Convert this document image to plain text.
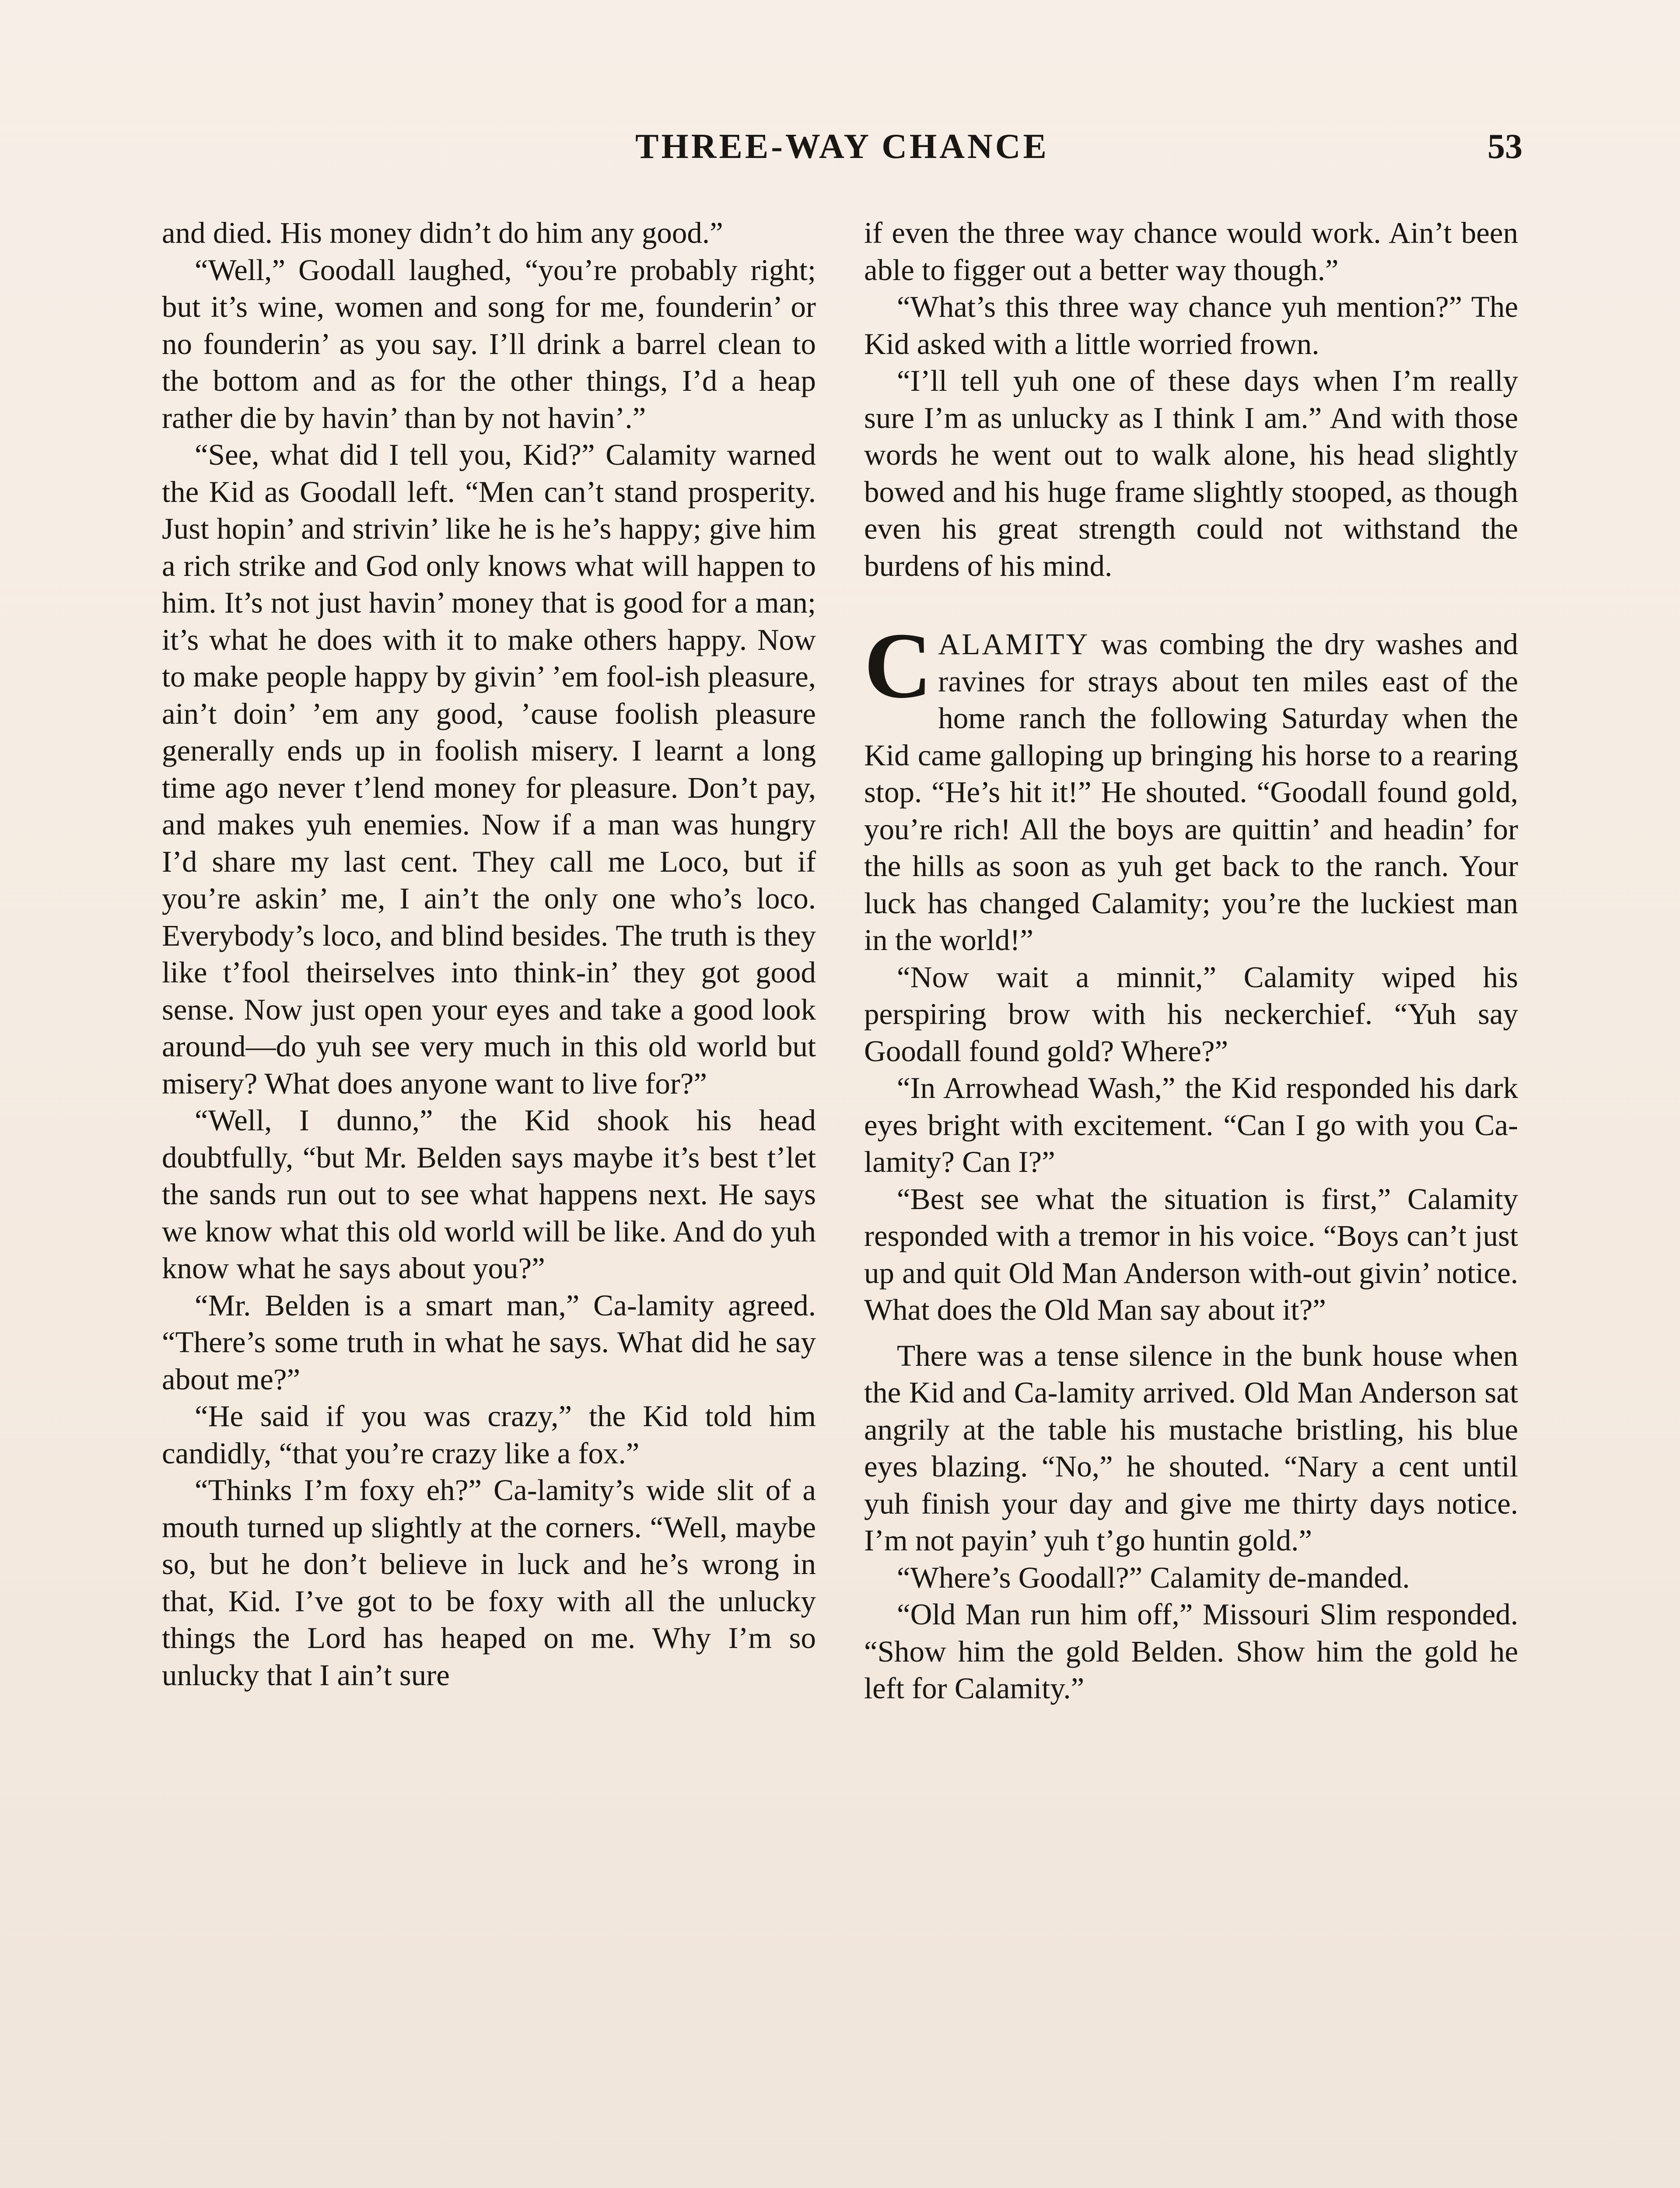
THREE-WAY CHANCE	53

and died. His money didn’t do him any good.”

“Well,” Goodall laughed, “you’re probably right; but it’s wine, women and song for me, founderin’ or no founderin’ as you say. I’ll drink a barrel clean to the bottom and as for the other things, I’d a heap rather die by havin’ than by not havin’.”

“See, what did I tell you, Kid?” Calamity warned the Kid as Goodall left. “Men can’t stand prosperity. Just hopin’ and strivin’ like he is he’s happy; give him a rich strike and God only knows what will happen to him. It’s not just havin’ money that is good for a man; it’s what he does with it to make others happy. Now to make people happy by givin’ ’em fool-ish pleasure, ain’t doin’ ’em any good, ’cause foolish pleasure generally ends up in foolish misery. I learnt a long time ago never t’lend money for pleasure. Don’t pay, and makes yuh enemies. Now if a man was hungry I’d share my last cent. They call me Loco, but if you’re askin’ me, I ain’t the only one who’s loco. Everybody’s loco, and blind besides. The truth is they like t’fool theirselves into think-in’ they got good sense. Now just open your eyes and take a good look around—do yuh see very much in this old world but misery? What does anyone want to live for?”

“Well, I dunno,” the Kid shook his head doubtfully, “but Mr. Belden says maybe it’s best t’let the sands run out to see what happens next. He says we know what this old world will be like. And do yuh know what he says about you?”

“Mr. Belden is a smart man,” Ca-lamity agreed. “There’s some truth in what he says. What did he say about me?”

“He said if you was crazy,” the Kid told him candidly, “that you’re crazy like a fox.”

“Thinks I’m foxy eh?” Ca-lamity’s wide slit of a mouth turned up slightly at the corners. “Well, maybe so, but he don’t believe in luck and he’s wrong in that, Kid. I’ve got to be foxy with all the unlucky things the Lord has heaped on me. Why I’m so unlucky that I ain’t sure

if even the three way chance would work. Ain’t been able to figger out a better way though.”

“What’s this three way chance yuh mention?” The Kid asked with a little worried frown.

“I’ll tell yuh one of these days when I’m really sure I’m as unlucky as I think I am.” And with those words he went out to walk alone, his head slightly bowed and his huge frame slightly stooped, as though even his great strength could not withstand the burdens of his mind.

CALAMITY was combing the dry washes and ravines for strays about ten miles east of the home ranch the following Saturday when the Kid came galloping up bringing his horse to a rearing stop. “He’s hit it!” He shouted. “Goodall found gold, you’re rich! All the boys are quittin’ and headin’ for the hills as soon as yuh get back to the ranch. Your luck has changed Calamity; you’re the luckiest man in the world!”

“Now wait a minnit,” Calamity wiped his perspiring brow with his neckerchief. “Yuh say Goodall found gold? Where?”

“In Arrowhead Wash,” the Kid responded his dark eyes bright with excitement. “Can I go with you Ca-lamity? Can I?”

“Best see what the situation is first,” Calamity responded with a tremor in his voice. “Boys can’t just up and quit Old Man Anderson with-out givin’ notice. What does the Old Man say about it?”

There was a tense silence in the bunk house when the Kid and Ca-lamity arrived. Old Man Anderson sat angrily at the table his mustache bristling, his blue eyes blazing. “No,” he shouted. “Nary a cent until yuh finish your day and give me thirty days notice. I’m not payin’ yuh t’go huntin gold.”

“Where’s Goodall?” Calamity de-manded.

“Old Man run him off,” Missouri Slim responded. “Show him the gold Belden. Show him the gold he left for Calamity.”
